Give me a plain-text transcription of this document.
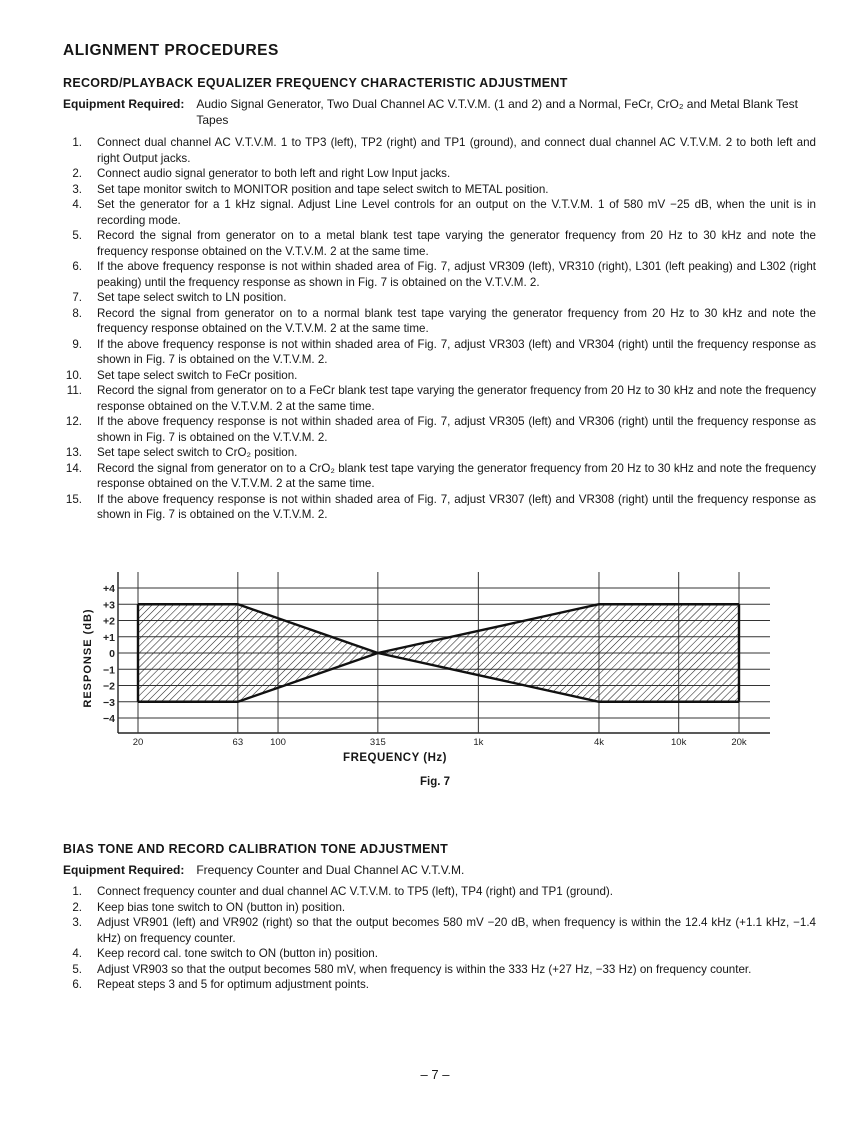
ALIGNMENT PROCEDURES
RECORD/PLAYBACK EQUALIZER FREQUENCY CHARACTERISTIC ADJUSTMENT
Equipment Required: Audio Signal Generator, Two Dual Channel AC V.T.V.M. (1 and 2) and a Normal, FeCr, CrO₂ and Metal Blank Test Tapes
1. Connect dual channel AC V.T.V.M. 1 to TP3 (left), TP2 (right) and TP1 (ground), and connect dual channel AC V.T.V.M. 2 to both left and right Output jacks.
2. Connect audio signal generator to both left and right Low Input jacks.
3. Set tape monitor switch to MONITOR position and tape select switch to METAL position.
4. Set the generator for a 1 kHz signal. Adjust Line Level controls for an output on the V.T.V.M. 1 of 580 mV −25 dB, when the unit is in recording mode.
5. Record the signal from generator on to a metal blank test tape varying the generator frequency from 20 Hz to 30 kHz and note the frequency response obtained on the V.T.V.M. 2 at the same time.
6. If the above frequency response is not within shaded area of Fig. 7, adjust VR309 (left), VR310 (right), L301 (left peaking) and L302 (right peaking) until the frequency response as shown in Fig. 7 is obtained on the V.T.V.M. 2.
7. Set tape select switch to LN position.
8. Record the signal from generator on to a normal blank test tape varying the generator frequency from 20 Hz to 30 kHz and note the frequency response obtained on the V.T.V.M. 2 at the same time.
9. If the above frequency response is not within shaded area of Fig. 7, adjust VR303 (left) and VR304 (right) until the frequency response as shown in Fig. 7 is obtained on the V.T.V.M. 2.
10. Set tape select switch to FeCr position.
11. Record the signal from generator on to a FeCr blank test tape varying the generator frequency from 20 Hz to 30 kHz and note the frequency response obtained on the V.T.V.M. 2 at the same time.
12. If the above frequency response is not within shaded area of Fig. 7, adjust VR305 (left) and VR306 (right) until the frequency response as shown in Fig. 7 is obtained on the V.T.V.M. 2.
13. Set tape select switch to CrO₂ position.
14. Record the signal from generator on to a CrO₂ blank test tape varying the generator frequency from 20 Hz to 30 kHz and note the frequency response obtained on the V.T.V.M. 2 at the same time.
15. If the above frequency response is not within shaded area of Fig. 7, adjust VR307 (left) and VR308 (right) until the frequency response as shown in Fig. 7 is obtained on the V.T.V.M. 2.
RESPONSE (dB)
+4
+3
+2
+1
0
−1
−2
−3
−4
20	63	100	315	1k	4k	10k	20k
FREQUENCY (Hz)
Fig. 7
BIAS TONE AND RECORD CALIBRATION TONE ADJUSTMENT
Equipment Required: Frequency Counter and Dual Channel AC V.T.V.M.
1. Connect frequency counter and dual channel AC V.T.V.M. to TP5 (left), TP4 (right) and TP1 (ground).
2. Keep bias tone switch to ON (button in) position.
3. Adjust VR901 (left) and VR902 (right) so that the output becomes 580 mV −20 dB, when frequency is within the 12.4 kHz (+1.1 kHz, −1.4 kHz) on frequency counter.
4. Keep record cal. tone switch to ON (button in) position.
5. Adjust VR903 so that the output becomes 580 mV, when frequency is within the 333 Hz (+27 Hz, −33 Hz) on frequency counter.
6. Repeat steps 3 and 5 for optimum adjustment points.
– 7 –
